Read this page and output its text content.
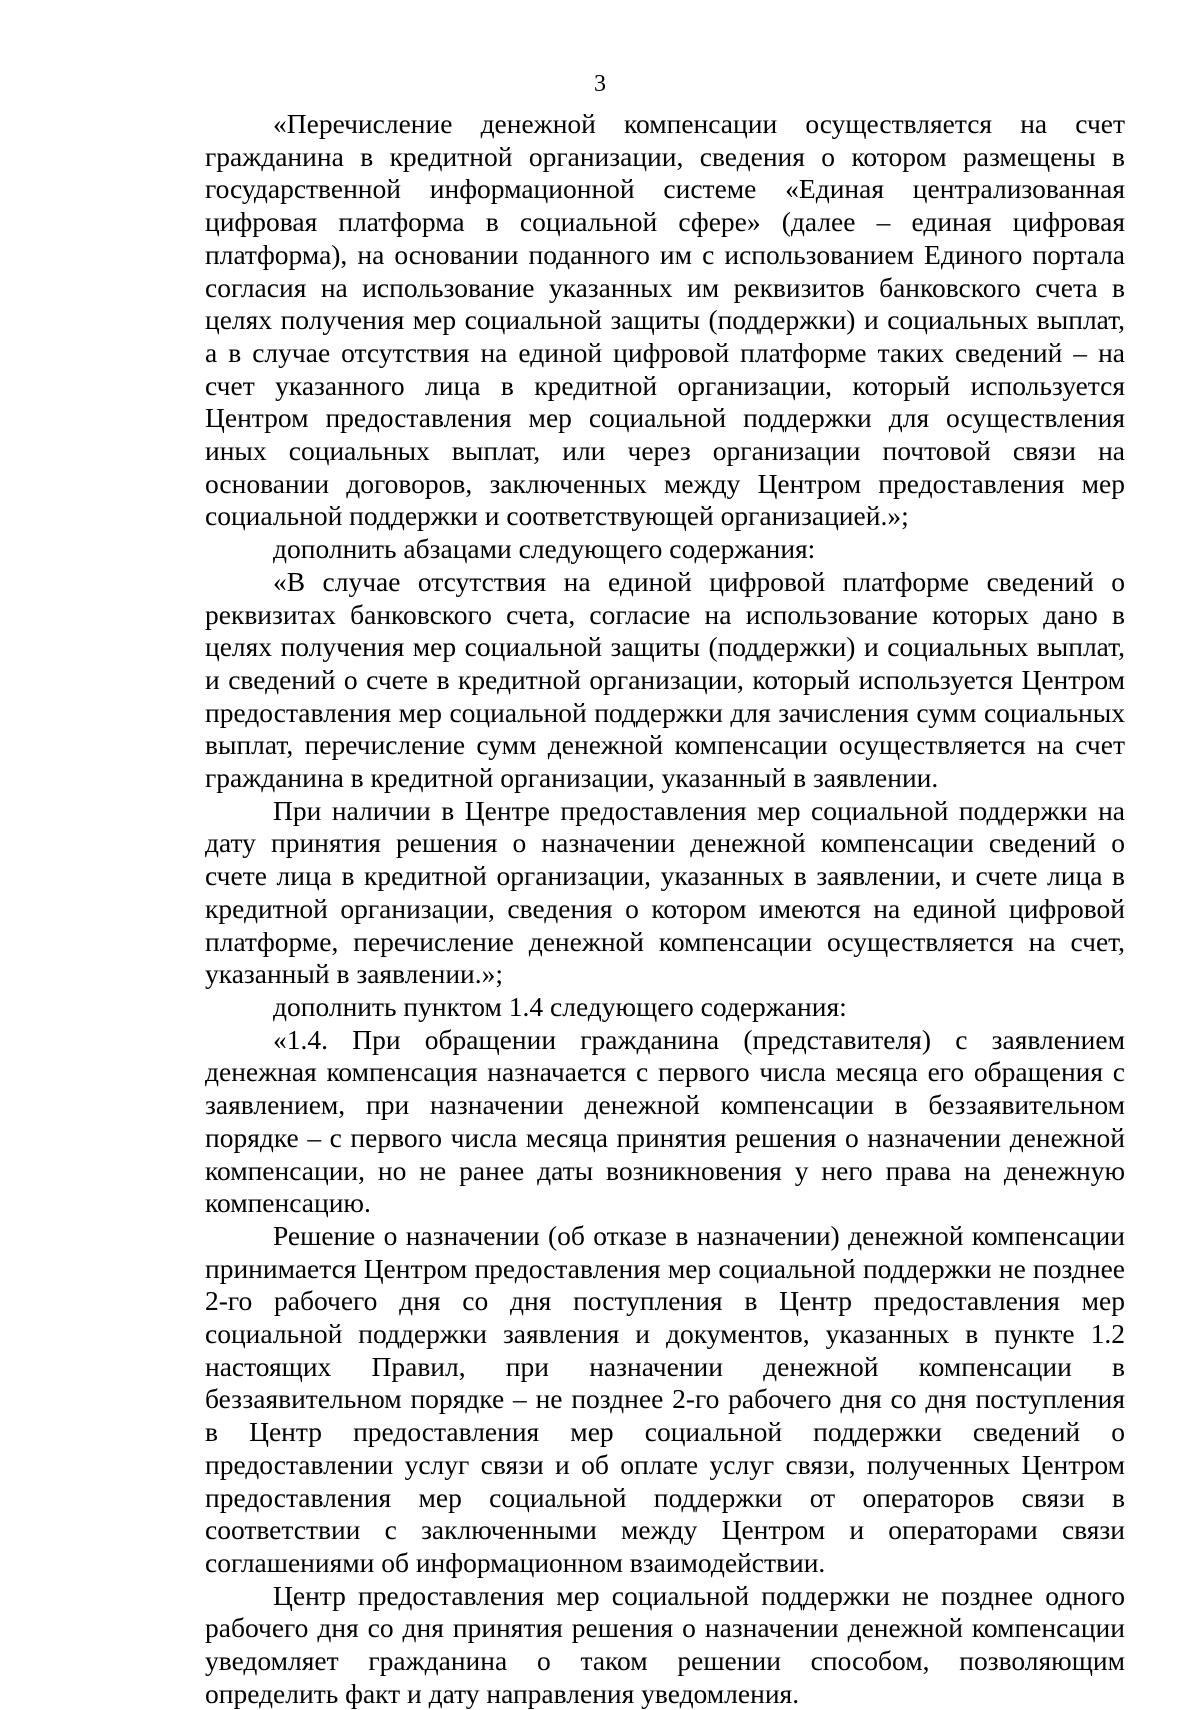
3

«Перечисление денежной компенсации осуществляется на счет гражданина в кредитной организации, сведения о котором размещены в государственной информационной системе «Единая централизованная цифровая платформа в социальной сфере» (далее – единая цифровая платформа), на основании поданного им с использованием Единого портала согласия на использование указанных им реквизитов банковского счета в целях получения мер социальной защиты (поддержки) и социальных выплат, а в случае отсутствия на единой цифровой платформе таких сведений – на счет указанного лица в кредитной организации, который используется Центром предоставления мер социальной поддержки для осуществления иных социальных выплат, или через организации почтовой связи на основании договоров, заключенных между Центром предоставления мер социальной поддержки и соответствующей организацией.»;

дополнить абзацами следующего содержания:

«В случае отсутствия на единой цифровой платформе сведений о реквизитах банковского счета, согласие на использование которых дано в целях получения мер социальной защиты (поддержки) и социальных выплат, и сведений о счете в кредитной организации, который используется Центром предоставления мер социальной поддержки для зачисления сумм социальных выплат, перечисление сумм денежной компенсации осуществляется на счет гражданина в кредитной организации, указанный в заявлении.

При наличии в Центре предоставления мер социальной поддержки на дату принятия решения о назначении денежной компенсации сведений о счете лица в кредитной организации, указанных в заявлении, и счете лица в кредитной организации, сведения о котором имеются на единой цифровой платформе, перечисление денежной компенсации осуществляется на счет, указанный в заявлении.»;

дополнить пунктом 1.4 следующего содержания:

«1.4. При обращении гражданина (представителя) с заявлением денежная компенсация назначается с первого числа месяца его обращения с заявлением, при назначении денежной компенсации в беззаявительном порядке – с первого числа месяца принятия решения о назначении денежной компенсации, но не ранее даты возникновения у него права на денежную компенсацию.

Решение о назначении (об отказе в назначении) денежной компенсации принимается Центром предоставления мер социальной поддержки не позднее 2-го рабочего дня со дня поступления в Центр предоставления мер социальной поддержки заявления и документов, указанных в пункте 1.2 настоящих Правил, при назначении денежной компенсации в беззаявительном порядке – не позднее 2-го рабочего дня со дня поступления в Центр предоставления мер социальной поддержки сведений о предоставлении услуг связи и об оплате услуг связи, полученных Центром предоставления мер социальной поддержки от операторов связи в соответствии с заключенными между Центром и операторами связи соглашениями об информационном взаимодействии.

Центр предоставления мер социальной поддержки не позднее одного рабочего дня со дня принятия решения о назначении денежной компенсации уведомляет гражданина о таком решении способом, позволяющим определить факт и дату направления уведомления.
